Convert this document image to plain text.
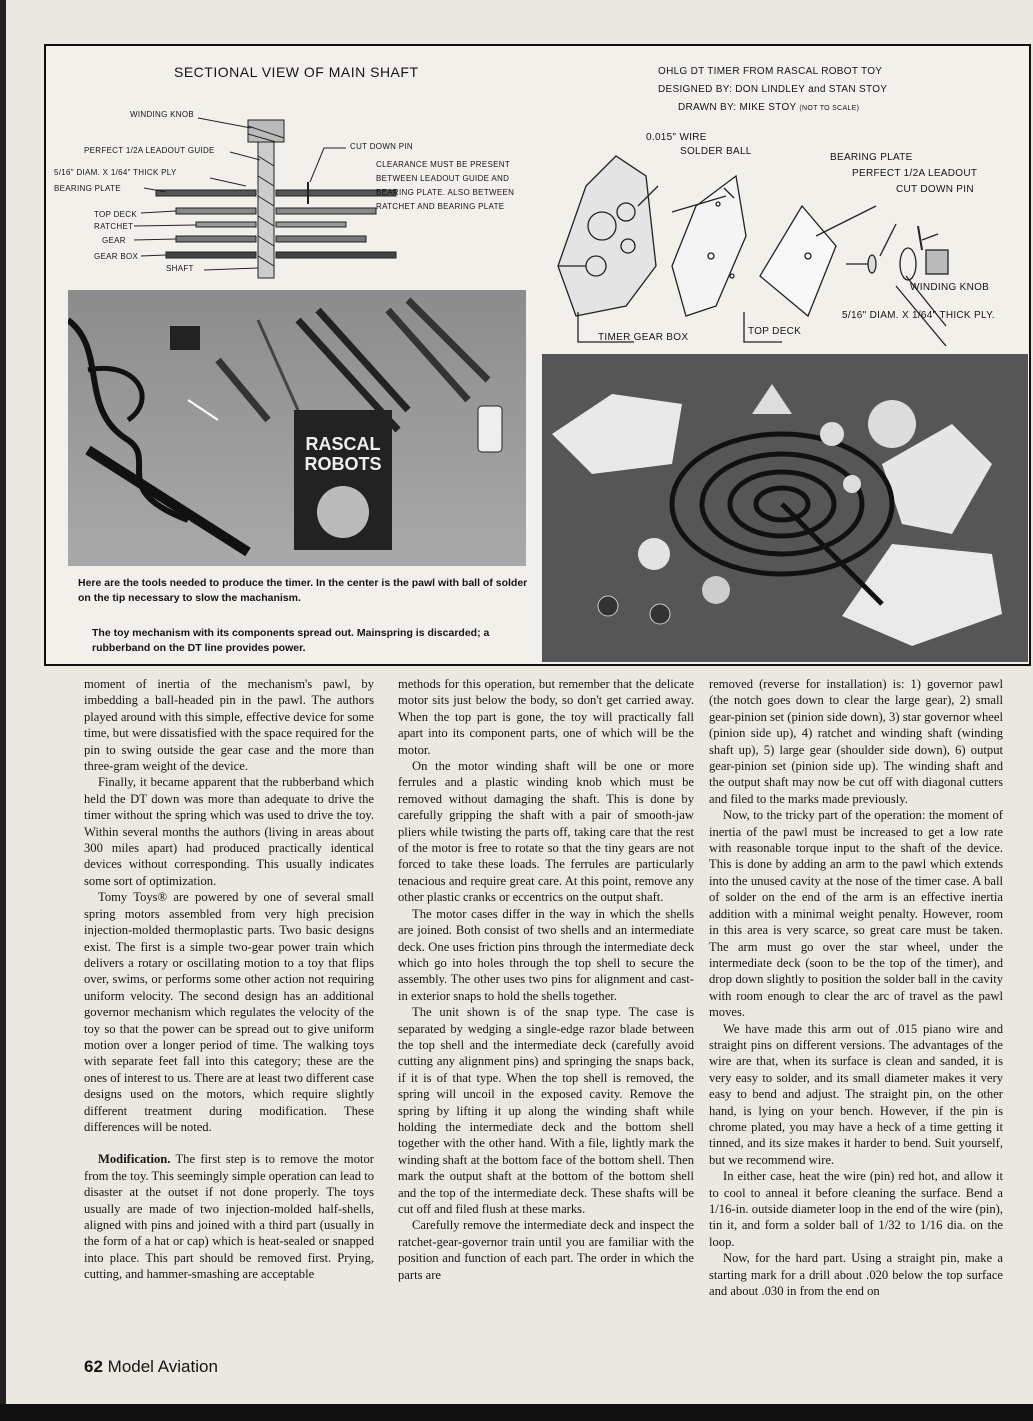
SECTIONAL VIEW OF MAIN SHAFT
WINDING KNOB
PERFECT 1/2A LEADOUT GUIDE
5/16" DIAM. X 1/64" THICK PLY
BEARING PLATE
TOP DECK
RATCHET
GEAR
GEAR BOX
SHAFT
CUT DOWN PIN
CLEARANCE MUST BE PRESENT
BETWEEN LEADOUT GUIDE AND
BEARING PLATE. ALSO BETWEEN
RATCHET AND BEARING PLATE
OHLG DT TIMER FROM RASCAL ROBOT TOY
DESIGNED BY: DON LINDLEY and STAN STOY
DRAWN BY: MIKE STOY (NOT TO SCALE)
0.015" WIRE
SOLDER BALL
BEARING PLATE
PERFECT 1/2A LEADOUT
CUT DOWN PIN
WINDING KNOB
5/16" DIAM. X 1/64" THICK PLY.
TIMER GEAR BOX
TOP DECK
RASCAL
ROBOTS
Here are the tools needed to produce the timer. In the center is the pawl with ball of solder on the tip necessary to slow the machanism.
The toy mechanism with its components spread out. Mainspring is discarded; a rubberband on the DT line provides power.

moment of inertia of the mechanism's pawl, by imbedding a ball-headed pin in the pawl. The authors played around with this simple, effective device for some time, but were dissatisfied with the space required for the pin to swing outside the gear case and the more than three-gram weight of the device.

Finally, it became apparent that the rubberband which held the DT down was more than adequate to drive the timer without the spring which was used to drive the toy. Within several months the authors (living in areas about 300 miles apart) had produced practically identical devices without corresponding. This usually indicates some sort of optimization.

Tomy Toys® are powered by one of several small spring motors assembled from very high precision injection-molded thermoplastic parts. Two basic designs exist. The first is a simple two-gear power train which delivers a rotary or oscillating motion to a toy that flips over, swims, or performs some other action not requiring uniform velocity. The second design has an additional governor mechanism which regulates the velocity of the toy so that the power can be spread out to give uniform motion over a longer period of time. The walking toys with separate feet fall into this category; these are the ones of interest to us. There are at least two different case designs used on the motors, which require slightly different treatment during modification. These differences will be noted.

Modification. The first step is to remove the motor from the toy. This seemingly simple operation can lead to disaster at the outset if not done properly. The toys usually are made of two injection-molded half-shells, aligned with pins and joined with a third part (usually in the form of a hat or cap) which is heat-sealed or snapped into place. This part should be removed first. Prying, cutting, and hammer-smashing are acceptable

methods for this operation, but remember that the delicate motor sits just below the body, so don't get carried away. When the top part is gone, the toy will practically fall apart into its component parts, one of which will be the motor.

On the motor winding shaft will be one or more ferrules and a plastic winding knob which must be removed without damaging the shaft. This is done by carefully gripping the shaft with a pair of smooth-jaw pliers while twisting the parts off, taking care that the rest of the motor is free to rotate so that the tiny gears are not forced to take these loads. The ferrules are particularly tenacious and require great care. At this point, remove any other plastic cranks or eccentrics on the output shaft.

The motor cases differ in the way in which the shells are joined. Both consist of two shells and an intermediate deck. One uses friction pins through the intermediate deck which go into holes through the top shell to secure the assembly. The other uses two pins for alignment and cast-in exterior snaps to hold the shells together.

The unit shown is of the snap type. The case is separated by wedging a single-edge razor blade between the top shell and the intermediate deck (carefully avoid cutting any alignment pins) and springing the snaps back, if it is of that type. When the top shell is removed, the spring will uncoil in the exposed cavity. Remove the spring by lifting it up along the winding shaft while holding the intermediate deck and the bottom shell together with the other hand. With a file, lightly mark the winding shaft at the bottom face of the bottom shell. Then mark the output shaft at the bottom of the bottom shell and the top of the intermediate deck. These shafts will be cut off and filed flush at these marks.

Carefully remove the intermediate deck and inspect the ratchet-gear-governor train until you are familiar with the position and function of each part. The order in which the parts are

removed (reverse for installation) is: 1) governor pawl (the notch goes down to clear the large gear), 2) small gear-pinion set (pinion side down), 3) star governor wheel (pinion side up), 4) ratchet and winding shaft (winding shaft up), 5) large gear (shoulder side down), 6) output gear-pinion set (pinion side up). The winding shaft and the output shaft may now be cut off with diagonal cutters and filed to the marks made previously.

Now, to the tricky part of the operation: the moment of inertia of the pawl must be increased to get a low rate with reasonable torque input to the shaft of the device. This is done by adding an arm to the pawl which extends into the unused cavity at the nose of the timer case. A ball of solder on the end of the arm is an effective inertia addition with a minimal weight penalty. However, room in this area is very scarce, so great care must be taken. The arm must go over the star wheel, under the intermediate deck (soon to be the top of the timer), and drop down slightly to position the solder ball in the cavity with room enough to clear the arc of travel as the pawl moves.

We have made this arm out of .015 piano wire and straight pins on different versions. The advantages of the wire are that, when its surface is clean and sanded, it is very easy to solder, and its small diameter makes it very easy to bend and adjust. The straight pin, on the other hand, is lying on your bench. However, if the pin is chrome plated, you may have a heck of a time getting it tinned, and its size makes it harder to bend. Suit yourself, but we recommend wire.

In either case, heat the wire (pin) red hot, and allow it to cool to anneal it before cleaning the surface. Bend a 1/16-in. outside diameter loop in the end of the wire (pin), tin it, and form a solder ball of 1/32 to 1/16 dia. on the loop.

Now, for the hard part. Using a straight pin, make a starting mark for a drill about .020 below the top surface and about .030 in from the end on

62 Model Aviation
